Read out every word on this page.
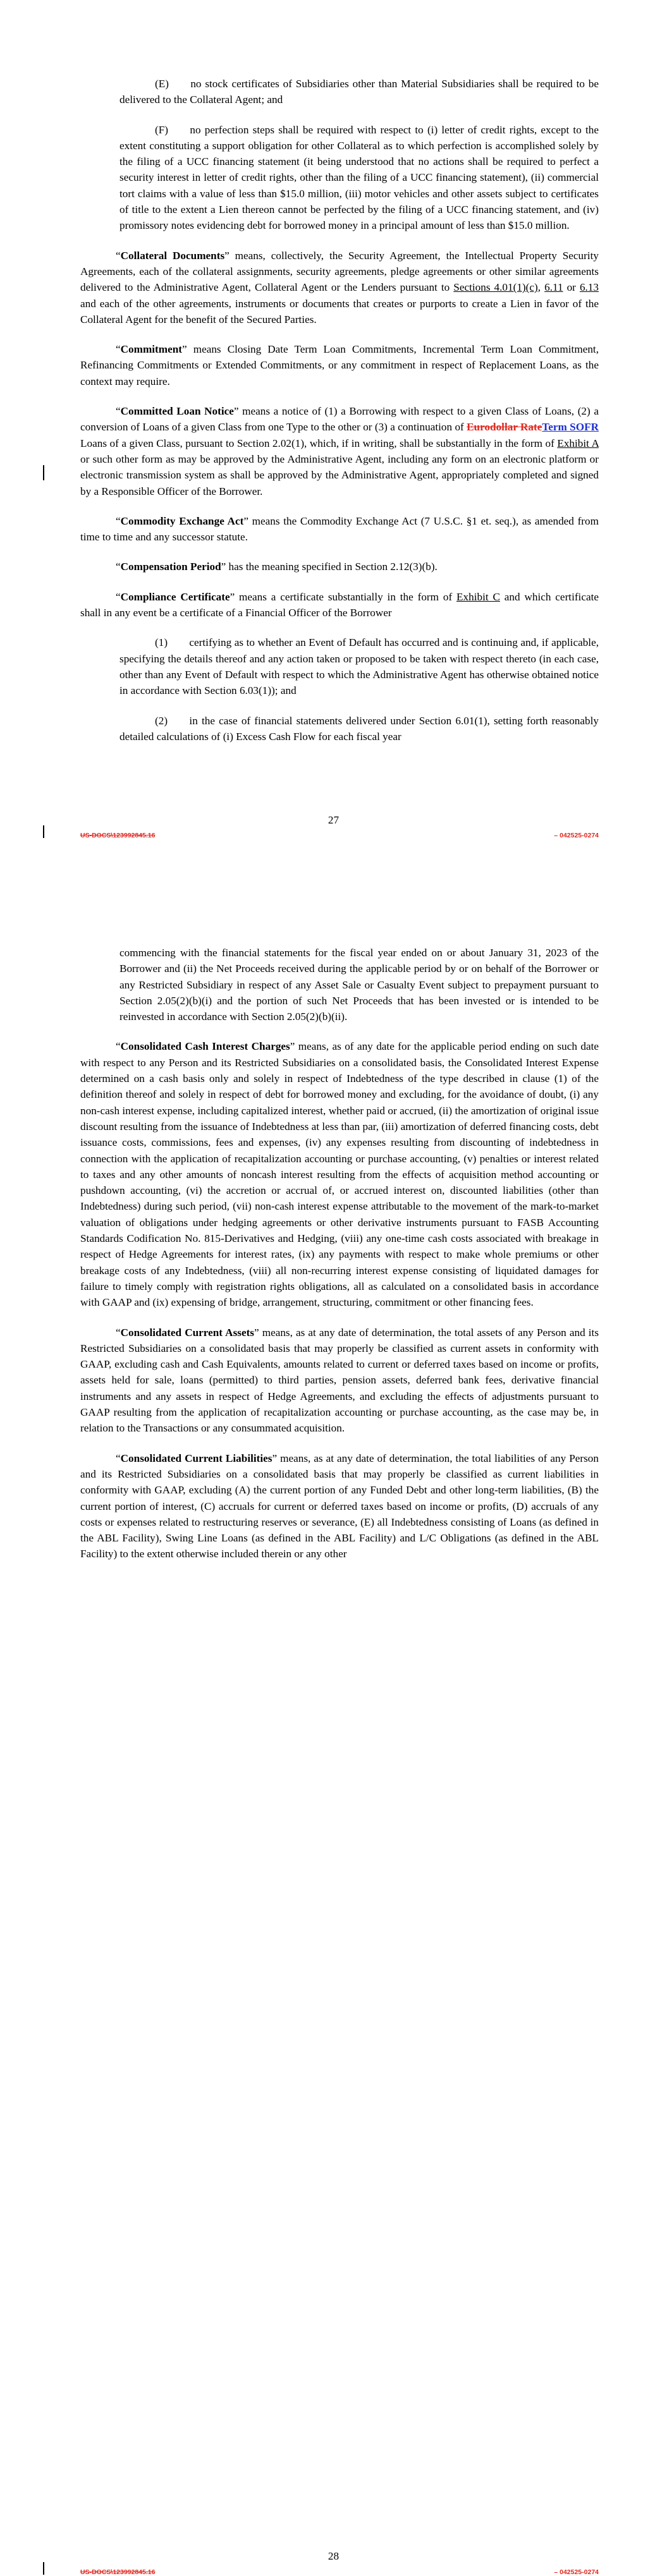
(E)  no stock certificates of Subsidiaries other than Material Subsidiaries shall be required to be delivered to the Collateral Agent; and

(F)  no perfection steps shall be required with respect to (i) letter of credit rights, except to the extent constituting a support obligation for other Collateral as to which perfection is accomplished solely by the filing of a UCC financing statement (it being understood that no actions shall be required to perfect a security interest in letter of credit rights, other than the filing of a UCC financing statement), (ii) commercial tort claims with a value of less than $15.0 million, (iii) motor vehicles and other assets subject to certificates of title to the extent a Lien thereon cannot be perfected by the filing of a UCC financing statement, and (iv) promissory notes evidencing debt for borrowed money in a principal amount of less than $15.0 million.

“Collateral Documents” means, collectively, the Security Agreement, the Intellectual Property Security Agreements, each of the collateral assignments, security agreements, pledge agreements or other similar agreements delivered to the Administrative Agent, Collateral Agent or the Lenders pursuant to Sections 4.01(1)(c), 6.11 or 6.13 and each of the other agreements, instruments or documents that creates or purports to create a Lien in favor of the Collateral Agent for the benefit of the Secured Parties.

“Commitment” means Closing Date Term Loan Commitments, Incremental Term Loan Commitment, Refinancing Commitments or Extended Commitments, or any commitment in respect of Replacement Loans, as the context may require.

“Committed Loan Notice” means a notice of (1) a Borrowing with respect to a given Class of Loans, (2) a conversion of Loans of a given Class from one Type to the other or (3) a continuation of Eurodollar RateTerm SOFR Loans of a given Class, pursuant to Section 2.02(1), which, if in writing, shall be substantially in the form of Exhibit A or such other form as may be approved by the Administrative Agent, including any form on an electronic platform or electronic transmission system as shall be approved by the Administrative Agent, appropriately completed and signed by a Responsible Officer of the Borrower.

“Commodity Exchange Act” means the Commodity Exchange Act (7 U.S.C. §1 et. seq.), as amended from time to time and any successor statute.

“Compensation Period” has the meaning specified in Section 2.12(3)(b).

“Compliance Certificate” means a certificate substantially in the form of Exhibit C and which certificate shall in any event be a certificate of a Financial Officer of the Borrower

(1)  certifying as to whether an Event of Default has occurred and is continuing and, if applicable, specifying the details thereof and any action taken or proposed to be taken with respect thereto (in each case, other than any Event of Default with respect to which the Administrative Agent has otherwise obtained notice in accordance with Section 6.03(1)); and

(2)  in the case of financial statements delivered under Section 6.01(1), setting forth reasonably detailed calculations of (i) Excess Cash Flow for each fiscal year

27
US-DOCS\123992845.16	– 042525-0274

commencing with the financial statements for the fiscal year ended on or about January 31, 2023 of the Borrower and (ii) the Net Proceeds received during the applicable period by or on behalf of the Borrower or any Restricted Subsidiary in respect of any Asset Sale or Casualty Event subject to prepayment pursuant to Section 2.05(2)(b)(i) and the portion of such Net Proceeds that has been invested or is intended to be reinvested in accordance with Section 2.05(2)(b)(ii).

“Consolidated Cash Interest Charges” means, as of any date for the applicable period ending on such date with respect to any Person and its Restricted Subsidiaries on a consolidated basis, the Consolidated Interest Expense determined on a cash basis only and solely in respect of Indebtedness of the type described in clause (1) of the definition thereof and solely in respect of debt for borrowed money and excluding, for the avoidance of doubt, (i) any non-cash interest expense, including capitalized interest, whether paid or accrued, (ii) the amortization of original issue discount resulting from the issuance of Indebtedness at less than par, (iii) amortization of deferred financing costs, debt issuance costs, commissions, fees and expenses, (iv) any expenses resulting from discounting of indebtedness in connection with the application of recapitalization accounting or purchase accounting, (v) penalties or interest related to taxes and any other amounts of noncash interest resulting from the effects of acquisition method accounting or pushdown accounting, (vi) the accretion or accrual of, or accrued interest on, discounted liabilities (other than Indebtedness) during such period, (vii) non-cash interest expense attributable to the movement of the mark-to-market valuation of obligations under hedging agreements or other derivative instruments pursuant to FASB Accounting Standards Codification No. 815-Derivatives and Hedging, (viii) any one-time cash costs associated with breakage in respect of Hedge Agreements for interest rates, (ix) any payments with respect to make whole premiums or other breakage costs of any Indebtedness, (viii) all non-recurring interest expense consisting of liquidated damages for failure to timely comply with registration rights obligations, all as calculated on a consolidated basis in accordance with GAAP and (ix) expensing of bridge, arrangement, structuring, commitment or other financing fees.

“Consolidated Current Assets” means, as at any date of determination, the total assets of any Person and its Restricted Subsidiaries on a consolidated basis that may properly be classified as current assets in conformity with GAAP, excluding cash and Cash Equivalents, amounts related to current or deferred taxes based on income or profits, assets held for sale, loans (permitted) to third parties, pension assets, deferred bank fees, derivative financial instruments and any assets in respect of Hedge Agreements, and excluding the effects of adjustments pursuant to GAAP resulting from the application of recapitalization accounting or purchase accounting, as the case may be, in relation to the Transactions or any consummated acquisition.

“Consolidated Current Liabilities” means, as at any date of determination, the total liabilities of any Person and its Restricted Subsidiaries on a consolidated basis that may properly be classified as current liabilities in conformity with GAAP, excluding (A) the current portion of any Funded Debt and other long-term liabilities, (B) the current portion of interest, (C) accruals for current or deferred taxes based on income or profits, (D) accruals of any costs or expenses related to restructuring reserves or severance, (E) all Indebtedness consisting of Loans (as defined in the ABL Facility), Swing Line Loans (as defined in the ABL Facility) and L/C Obligations (as defined in the ABL Facility) to the extent otherwise included therein or any other

28
US-DOCS\123992845.16	– 042525-0274
